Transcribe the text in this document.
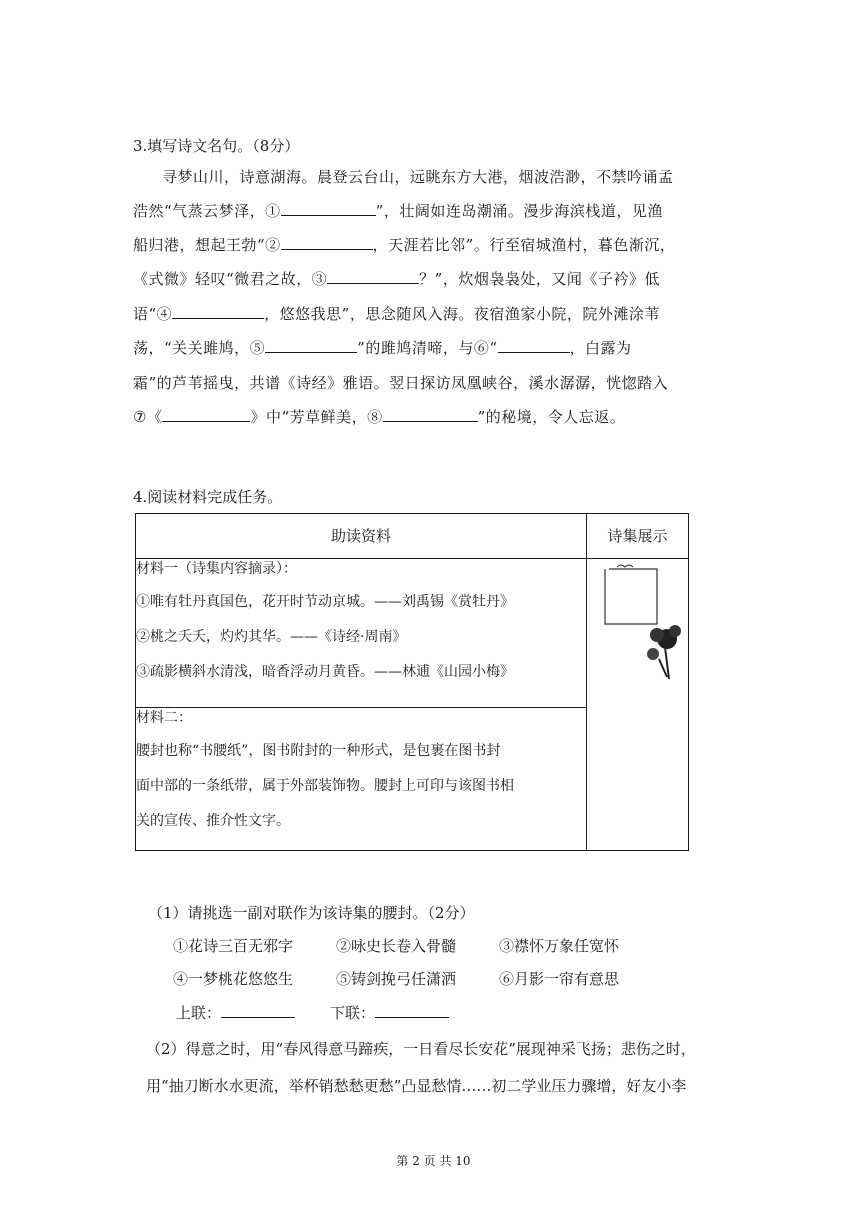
3.填写诗文名句。（8分）
寻梦山川，诗意湖海。晨登云台山，远眺东方大港，烟波浩渺，不禁吟诵孟
浩然“气蒸云梦泽，①	”，壮阔如连岛潮涌。漫步海滨栈道，见渔
船归港，想起王勃“②	，天涯若比邻”。行至宿城渔村，暮色渐沉，
《式微》轻叹“微君之故，③	？”，炊烟袅袅处，又闻《子衿》低
语“④	，悠悠我思”，思念随风入海。夜宿渔家小院，院外滩涂苇
荡，“关关雎鸠，⑤	”的雎鸠清啼，与⑥“	，白露为
霜”的芦苇摇曳，共谱《诗经》雅语。翌日探访凤凰峡谷，溪水潺潺，恍惚踏入
⑦《	》中“芳草鲜美，⑧	”的秘境，令人忘返。
4.阅读材料完成任务。
助读资料	诗集展示

材料一（诗集内容摘录）：
①唯有牡丹真国色，花开时节动京城。——刘禹锡《赏牡丹》
②桃之夭夭，灼灼其华。——《诗经·周南》
③疏影横斜水清浅，暗香浮动月黄昏。——林逋《山园小梅》

材料二：
腰封也称“书腰纸”，图书附封的一种形式，是包裹在图书封
面中部的一条纸带，属于外部装饰物。腰封上可印与该图书相
关的宣传、推介性文字。	
（1）请挑选一副对联作为该诗集的腰封。（2分）
①花诗三百无邪字	②咏史长卷入骨髓	③襟怀万象任宽怀
④一梦桃花悠悠生	⑤铸剑挽弓任潇洒	⑥月影一帘有意思
上联：	下联：
（2）得意之时，用“春风得意马蹄疾，一日看尽长安花”展现神采飞扬；悲伤之时，
用“抽刀断水水更流，举杯销愁愁更愁”凸显愁情……初二学业压力骤增，好友小李
第 2 页 共 10
